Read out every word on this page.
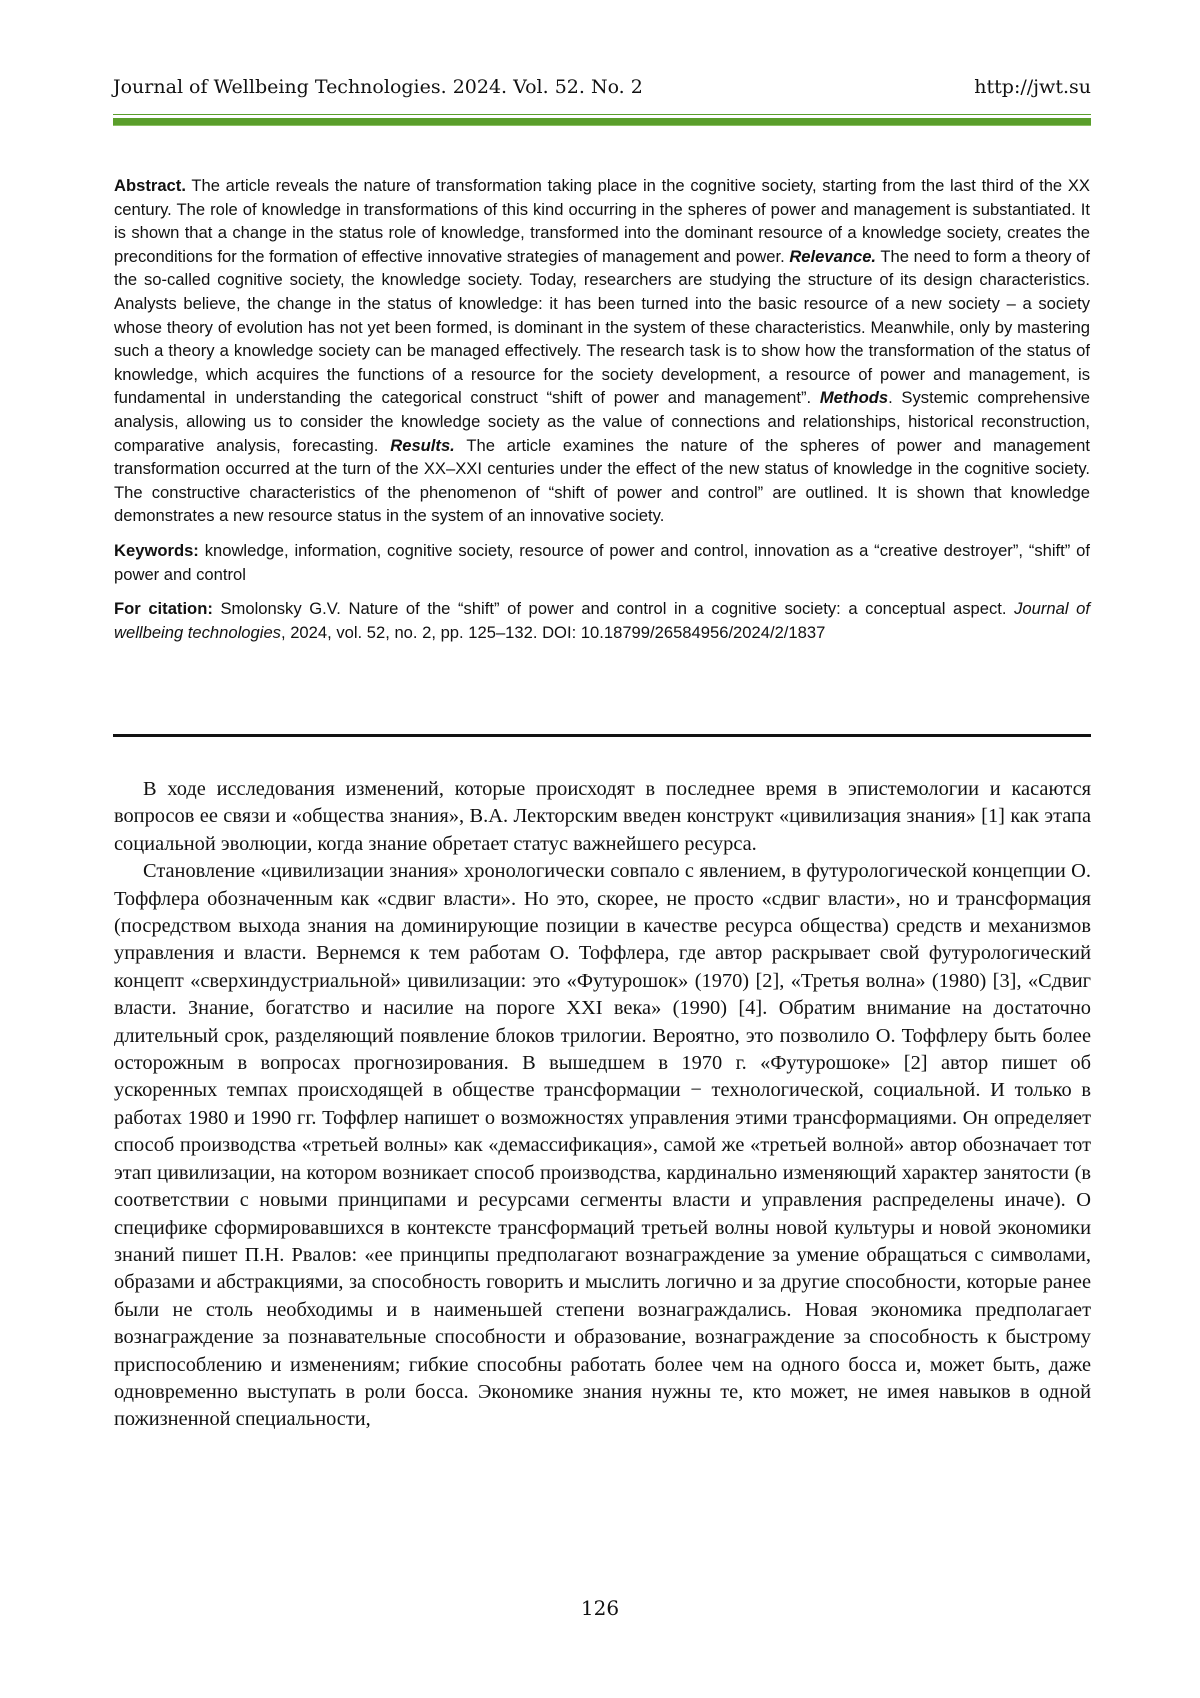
Journal of Wellbeing Technologies. 2024. Vol. 52. No. 2	http://jwt.su

Abstract. The article reveals the nature of transformation taking place in the cognitive society, starting from the last third of the XX century. The role of knowledge in transformations of this kind occurring in the spheres of power and management is substantiated. It is shown that a change in the status role of knowledge, transformed into the dominant resource of a knowledge society, creates the preconditions for the formation of effective innovative strategies of management and power. Relevance. The need to form a theory of the so-called cognitive society, the knowledge society. Today, researchers are studying the structure of its design characteristics. Analysts believe, the change in the status of knowledge: it has been turned into the basic resource of a new society – a society whose theory of evolution has not yet been formed, is dominant in the system of these characteristics. Meanwhile, only by mastering such a theory a knowledge society can be managed effectively. The research task is to show how the transformation of the status of knowledge, which acquires the functions of a resource for the society development, a resource of power and management, is fundamental in understanding the categorical construct “shift of power and management”. Methods. Systemic comprehensive analysis, allowing us to consider the knowledge society as the value of connections and relationships, historical reconstruction, comparative analysis, forecasting. Results. The article examines the nature of the spheres of power and management transformation occurred at the turn of the XX–XXI centuries under the effect of the new status of knowledge in the cognitive society. The constructive characteristics of the phenomenon of “shift of power and control” are outlined. It is shown that knowledge demonstrates a new resource status in the system of an innovative society.

Keywords: knowledge, information, cognitive society, resource of power and control, innovation as a “creative destroyer”, “shift” of power and control

For citation: Smolonsky G.V. Nature of the “shift” of power and control in a cognitive society: a conceptual aspect. Journal of wellbeing technologies, 2024, vol. 52, no. 2, pp. 125–132. DOI: 10.18799/26584956/2024/2/1837

В ходе исследования изменений, которые происходят в последнее время в эпистемологии и касаются вопросов ее связи и «общества знания», В.А. Лекторским введен конструкт «цивилизация знания» [1] как этапа социальной эволюции, когда знание обретает статус важнейшего ресурса.

Становление «цивилизации знания» хронологически совпало с явлением, в футурологической концепции О. Тоффлера обозначенным как «сдвиг власти». Но это, скорее, не просто «сдвиг власти», но и трансформация (посредством выхода знания на доминирующие позиции в качестве ресурса общества) средств и механизмов управления и власти. Вернемся к тем работам О. Тоффлера, где автор раскрывает свой футурологический концепт «сверхиндустриальной» цивилизации: это «Футурошок» (1970) [2], «Третья волна» (1980) [3], «Сдвиг власти. Знание, богатство и насилие на пороге XXI века» (1990) [4]. Обратим внимание на достаточно длительный срок, разделяющий появление блоков трилогии. Вероятно, это позволило О. Тоффлеру быть более осторожным в вопросах прогнозирования. В вышедшем в 1970 г. «Футурошоке» [2] автор пишет об ускоренных темпах происходящей в обществе трансформации − технологической, социальной. И только в работах 1980 и 1990 гг. Тоффлер напишет о возможностях управления этими трансформациями. Он определяет способ производства «третьей волны» как «демассификация», самой же «третьей волной» автор обозначает тот этап цивилизации, на котором возникает способ производства, кардинально изменяющий характер занятости (в соответствии с новыми принципами и ресурсами сегменты власти и управления распределены иначе). О специфике сформировавшихся в контексте трансформаций третьей волны новой культуры и новой экономики знаний пишет П.Н. Рвалов: «ее принципы предполагают вознаграждение за умение обращаться с символами, образами и абстракциями, за способность говорить и мыслить логично и за другие способности, которые ранее были не столь необходимы и в наименьшей степени вознаграждались. Новая экономика предполагает вознаграждение за познавательные способности и образование, вознаграждение за способность к быстрому приспособлению и изменениям; гибкие способны работать более чем на одного босса и, может быть, даже одновременно выступать в роли босса. Экономике знания нужны те, кто может, не имея навыков в одной пожизненной специальности,

126
